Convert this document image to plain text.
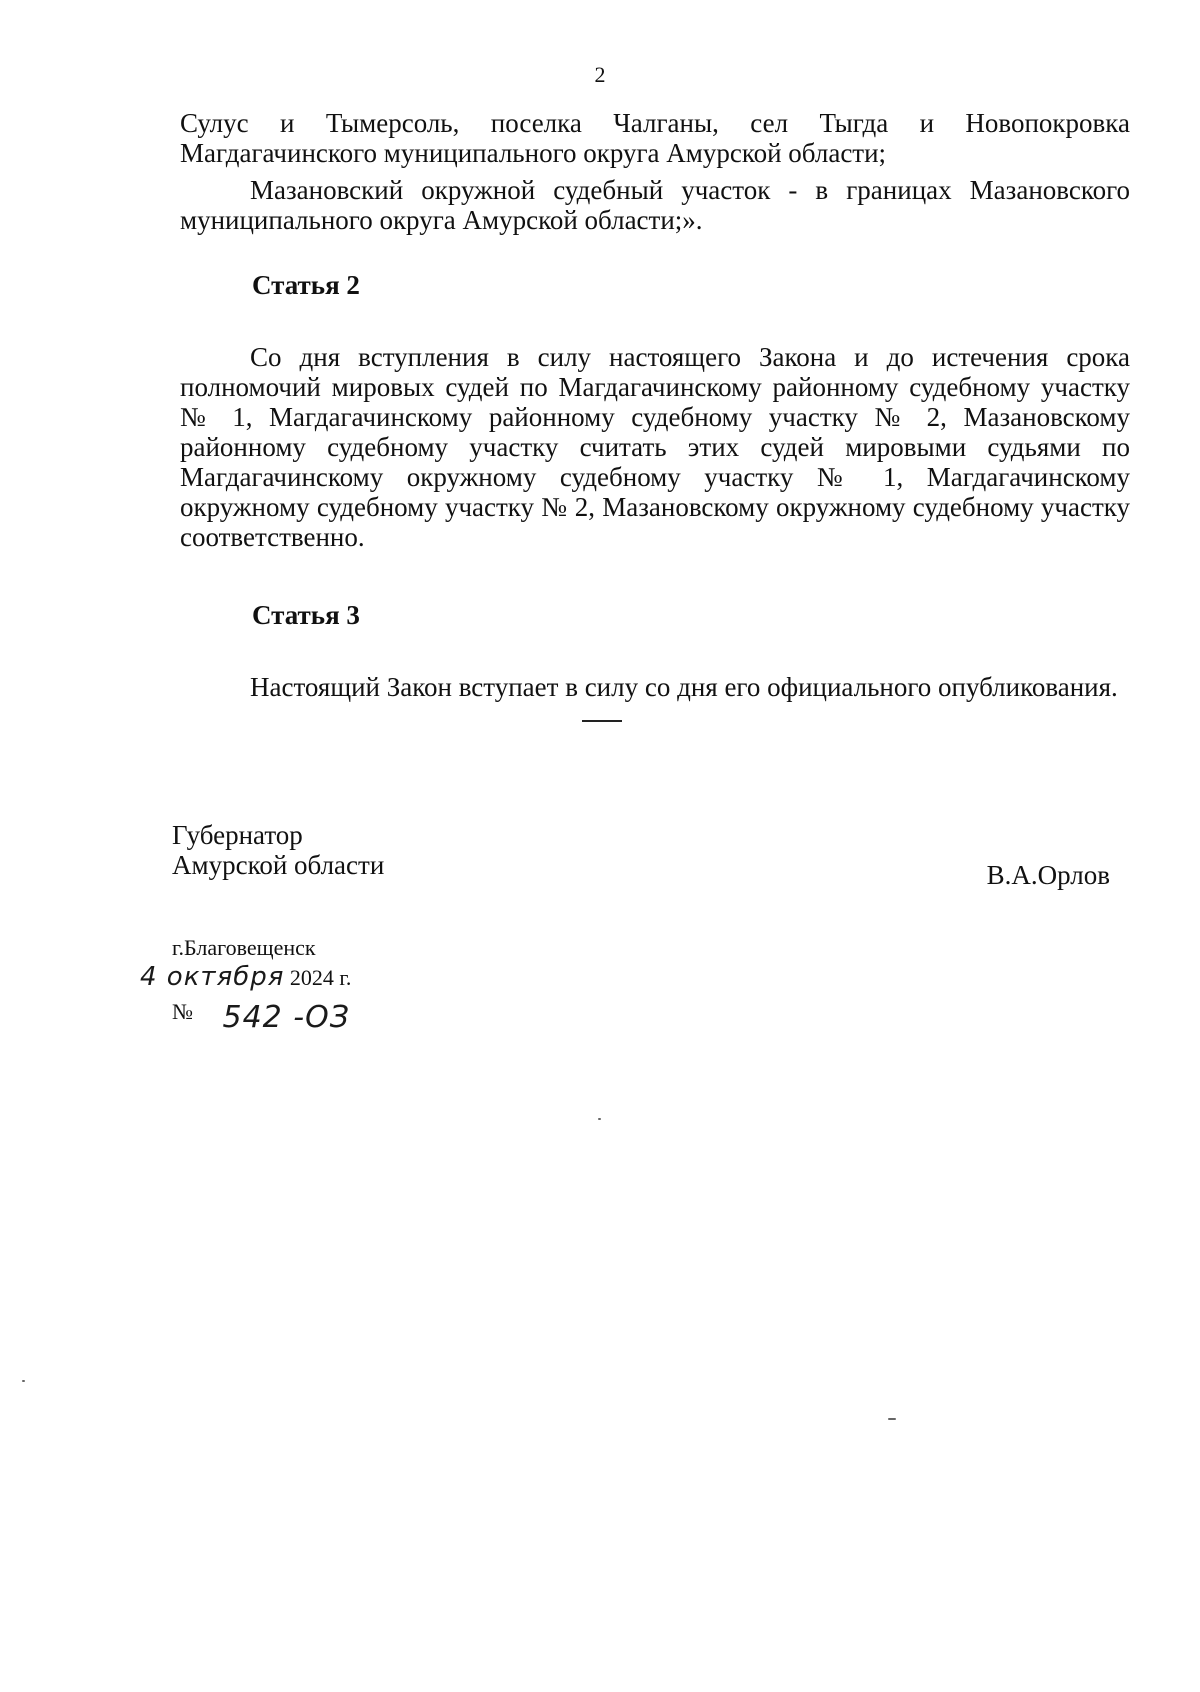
2

Сулус и Тымерсоль, поселка Чалганы, сел Тыгда и Новопокровка Магдагачинского муниципального округа Амурской области;

Мазановский окружной судебный участок - в границах Мазановского муниципального округа Амурской области;».

Статья 2

Со дня вступления в силу настоящего Закона и до истечения срока полномочий мировых судей по Магдагачинскому районному судебному участку № 1, Магдагачинскому районному судебному участку № 2, Мазановскому районному судебному участку считать этих судей мировыми судьями по Магдагачинскому окружному судебному участку № 1, Магдагачинскому окружному судебному участку № 2, Мазановскому окружному судебному участку соответственно.

Статья 3

Настоящий Закон вступает в силу со дня его официального опубликования.

Губернатор
Амурской области	В.А.Орлов
г.Благовещенск
4 октября 2024 г.
№ 542 -ОЗ
